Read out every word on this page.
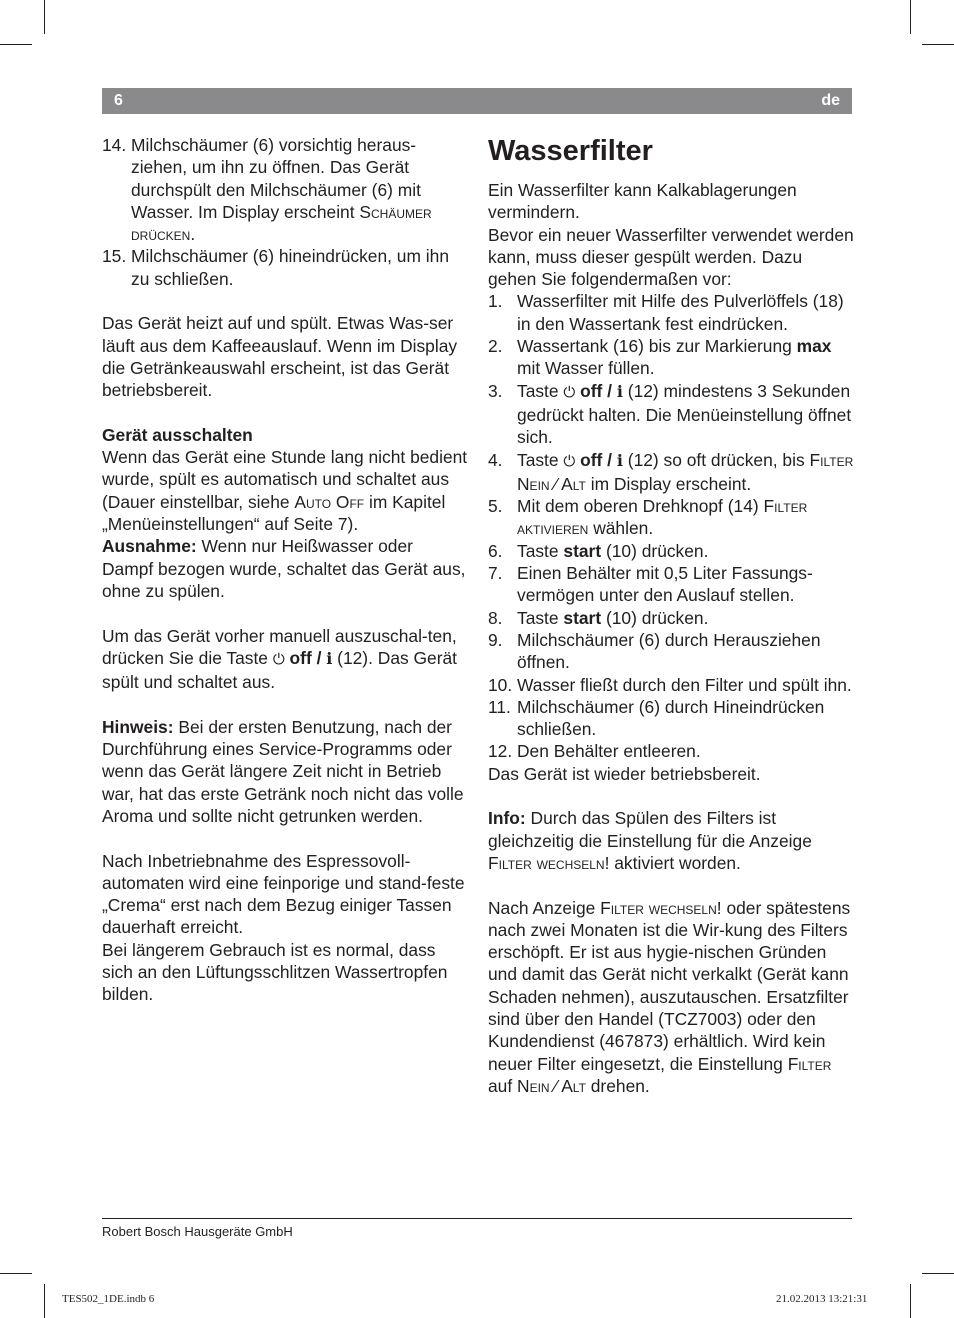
6	de
14. Milchschäumer (6) vorsichtig heraus-ziehen, um ihn zu öffnen. Das Gerät durchspült den Milchschäumer (6) mit Wasser. Im Display erscheint Schäumer drücken.
15. Milchschäumer (6) hineindrücken, um ihn zu schließen.

Das Gerät heizt auf und spült. Etwas Was-ser läuft aus dem Kaffeeauslauf. Wenn im Display die Getränkeauswahl erscheint, ist das Gerät betriebsbereit.

Gerät ausschalten

Wenn das Gerät eine Stunde lang nicht bedient wurde, spült es automatisch und schaltet aus (Dauer einstellbar, siehe Auto Off im Kapitel „Menüeinstellungen“ auf Seite 7).

Ausnahme: Wenn nur Heißwasser oder Dampf bezogen wurde, schaltet das Gerät aus, ohne zu spülen.

Um das Gerät vorher manuell auszuschal-ten, drücken Sie die Taste ⏻ off / i (12). Das Gerät spült und schaltet aus.

Hinweis: Bei der ersten Benutzung, nach der Durchführung eines Service-Programms oder wenn das Gerät längere Zeit nicht in Betrieb war, hat das erste Getränk noch nicht das volle Aroma und sollte nicht getrunken werden.

Nach Inbetriebnahme des Espressovoll-automaten wird eine feinporige und stand-feste „Crema“ erst nach dem Bezug einiger Tassen dauerhaft erreicht.

Bei längerem Gebrauch ist es normal, dass sich an den Lüftungsschlitzen Wassertropfen bilden.

Wasserfilter

Ein Wasserfilter kann Kalkablagerungen vermindern.

Bevor ein neuer Wasserfilter verwendet werden kann, muss dieser gespült werden. Dazu gehen Sie folgendermaßen vor:

1. Wasserfilter mit Hilfe des Pulverlöffels (18) in den Wassertank fest eindrücken.
2. Wassertank (16) bis zur Markierung max mit Wasser füllen.
3. Taste ⏻ off / i (12) mindestens 3 Sekunden gedrückt halten. Die Menüeinstellung öffnet sich.
4. Taste ⏻ off / i (12) so oft drücken, bis Filter Nein ⁄ Alt im Display erscheint.
5. Mit dem oberen Drehknopf (14) Filter aktivieren wählen.
6. Taste start (10) drücken.
7. Einen Behälter mit 0,5 Liter Fassungs-vermögen unter den Auslauf stellen.
8. Taste start (10) drücken.
9. Milchschäumer (6) durch Herausziehen öffnen.
10. Wasser fließt durch den Filter und spült ihn.
11. Milchschäumer (6) durch Hineindrücken schließen.
12. Den Behälter entleeren.

Das Gerät ist wieder betriebsbereit.

Info: Durch das Spülen des Filters ist gleichzeitig die Einstellung für die Anzeige Filter wechseln! aktiviert worden.

Nach Anzeige Filter wechseln! oder spätestens nach zwei Monaten ist die Wir-kung des Filters erschöpft. Er ist aus hygie-nischen Gründen und damit das Gerät nicht verkalkt (Gerät kann Schaden nehmen), auszutauschen. Ersatzfilter sind über den Handel (TCZ7003) oder den Kundendienst (467873) erhältlich. Wird kein neuer Filter eingesetzt, die Einstellung Filter auf Nein ⁄ Alt drehen.

Robert Bosch Hausgeräte GmbH
TES502_1DE.indb 6	21.02.2013 13:21:31
